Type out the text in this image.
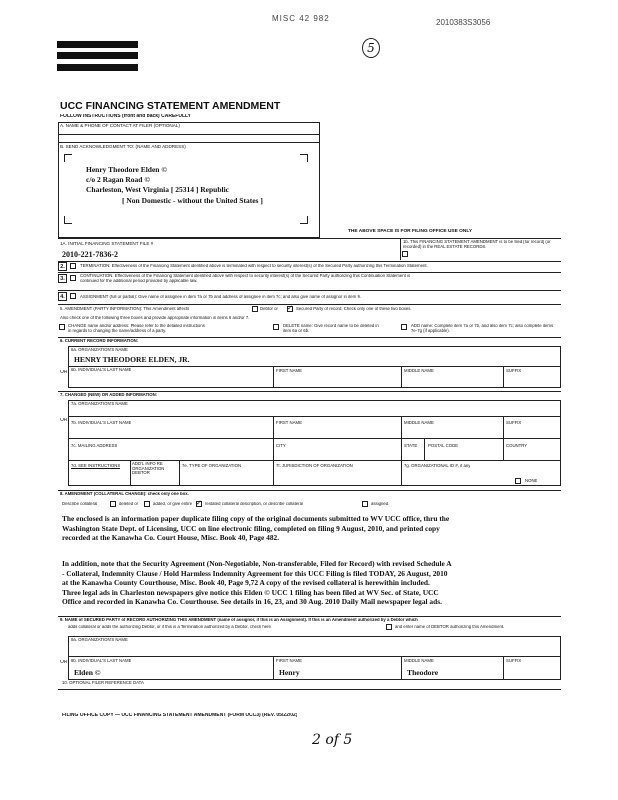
MISC 42 982	2010383S3056
5
UCC FINANCING STATEMENT AMENDMENT
FOLLOW INSTRUCTIONS (front and back) CAREFULLY
A. NAME & PHONE OF CONTACT AT FILER (OPTIONAL)
B. SEND ACKNOWLEDGMENT TO: (NAME AND ADDRESS)
Henry Theodore Elden ©
c/o 2 Ragan Road ©
Charleston, West Virginia [ 25314 ] Republic
[ Non Domestic - without the United States ]
THE ABOVE SPACE IS FOR FILING OFFICE USE ONLY
1A. INITIAL FINANCING STATEMENT FILE #
2010-221-7836-2
1b. This FINANCING STATEMENT AMENDMENT is to be filed [for record] (or recorded) in the REAL ESTATE RECORDS.
2.	TERMINATION: Effectiveness of the Financing Statement identified above is terminated with respect to security interest(s) of the Secured Party authorizing this Termination Statement.
3.
CONTINUATION: Effectiveness of the Financing Statement identified above with respect to security interest(s) of the Secured Party authorizing this Continuation Statement is
continued for the additional period provided by applicable law.
4.	ASSIGNMENT (full or partial): Give name of assignee in item 7a or 7b and address of assignee in item 7c; and also give name of assignor in item 9.
5. AMENDMENT (PARTY INFORMATION): This Amendment affects	Debtor or ✓	Secured Party of record. Check only one of these two boxes.
Also check one of the following three boxes and provide appropriate information in items 6 and/or 7.
CHANGE name and/or address: Please refer to the detailed instructions in regards to changing the name/address of a party.
DELETE name: Give record name to be deleted in item 6a or 6b.
ADD name: Complete item 7a or 7b, and also item 7c; also complete items 7e-7g (if applicable).
6. CURRENT RECORD INFORMATION:
6a. ORGANIZATION'S NAME
HENRY THEODORE ELDEN, JR.
OR 6b. INDIVIDUAL'S LAST NAME	FIRST NAME	MIDDLE NAME	SUFFIX
7. CHANGED (NEW) OR ADDED INFORMATION:
7a. ORGANIZATION'S NAME
OR 7b. INDIVIDUAL'S LAST NAME	FIRST NAME	MIDDLE NAME	SUFFIX
7c. MAILING ADDRESS	CITY	STATE	POSTAL CODE	COUNTRY
7d. SEE INSTRUCTIONS	ADD'L INFO RE ORGANIZATION DEBTOR
7e. TYPE OF ORGANIZATION	7f. JURISDICTION OF ORGANIZATION	7g. ORGANIZATIONAL ID #, if any
NONE
8. AMENDMENT (COLLATERAL CHANGE): check only one box.
Describe collateral	deleted or	added, or give entire ✓	restated collateral description, or describe collateral	assigned.
The enclosed is an information paper duplicate filing copy of the original documents submitted to WV UCC office, thru the
Washington State Dept. of Licensing, UCC on line electronic filing, completed on filing 9 August, 2010, and printed copy
recorded at the Kanawha Co. Court House, Misc. Book 40, Page 482.
In addition, note that the Security Agreement (Non-Negotiable, Non-transferable, Filed for Record) with revised Schedule A
- Collateral, Indemnity Clause / Hold Harmless Indemnity Agreement for this UCC Filing is filed TODAY, 26 August, 2010
at the Kanawha County Courthouse, Misc. Book 40, Page 9,72 A copy of the revised collateral is herewithin included.
Three legal ads in Charleston newspapers give notice this Elden © UCC 1 filing has been filed at WV Sec. of State, UCC
Office and recorded in Kanawha Co. Courthouse. See details in 16, 23, and 30 Aug. 2010 Daily Mail newspaper legal ads.
9. NAME of SECURED PARTY of RECORD AUTHORIZING THIS AMENDMENT (name of assignor, if this is an Assignment). If this is an Amendment authorized by a Debtor which
adds collateral or adds the authorizing Debtor, or if this is a Termination authorized by a Debtor, check here	and enter name of DEBTOR authorizing this Amendment.
9a. ORGANIZATION'S NAME
OR 9b. INDIVIDUAL'S LAST NAME
Elden ©
FIRST NAME
Henry
MIDDLE NAME
Theodore
SUFFIX
10. OPTIONAL FILER REFERENCE DATA
FILING OFFICE COPY — UCC FINANCING STATEMENT AMENDMENT (FORM UCC3) (REV. 05/22/02)
2 of 5
